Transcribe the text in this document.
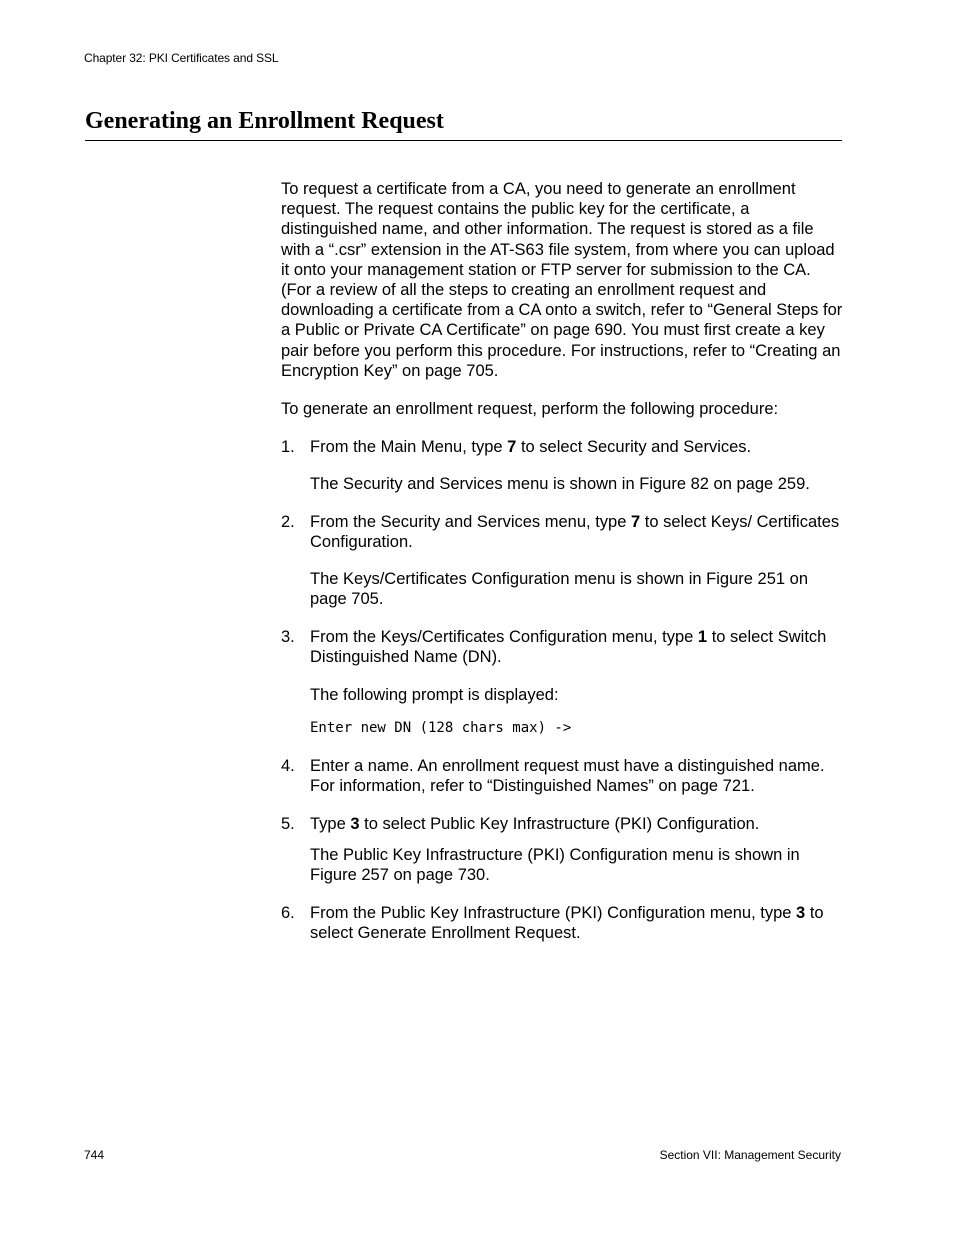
Chapter 32: PKI Certificates and SSL
Generating an Enrollment Request

To request a certificate from a CA, you need to generate an enrollment request. The request contains the public key for the certificate, a distinguished name, and other information. The request is stored as a file with a “.csr” extension in the AT-S63 file system, from where you can upload it onto your management station or FTP server for submission to the CA. (For a review of all the steps to creating an enrollment request and downloading a certificate from a CA onto a switch, refer to “General Steps for a Public or Private CA Certificate” on page 690. You must first create a key pair before you perform this procedure. For instructions, refer to “Creating an Encryption Key” on page 705.

To generate an enrollment request, perform the following procedure:

1. From the Main Menu, type 7 to select Security and Services.
The Security and Services menu is shown in Figure 82 on page 259.
2. From the Security and Services menu, type 7 to select Keys/ Certificates Configuration.
The Keys/Certificates Configuration menu is shown in Figure 251 on page 705.
3. From the Keys/Certificates Configuration menu, type 1 to select Switch Distinguished Name (DN).
The following prompt is displayed:
Enter new DN (128 chars max) ->
4. Enter a name. An enrollment request must have a distinguished name. For information, refer to “Distinguished Names” on page 721.
5. Type 3 to select Public Key Infrastructure (PKI) Configuration.
The Public Key Infrastructure (PKI) Configuration menu is shown in Figure 257 on page 730.
6. From the Public Key Infrastructure (PKI) Configuration menu, type 3 to select Generate Enrollment Request.
744	Section VII: Management Security
